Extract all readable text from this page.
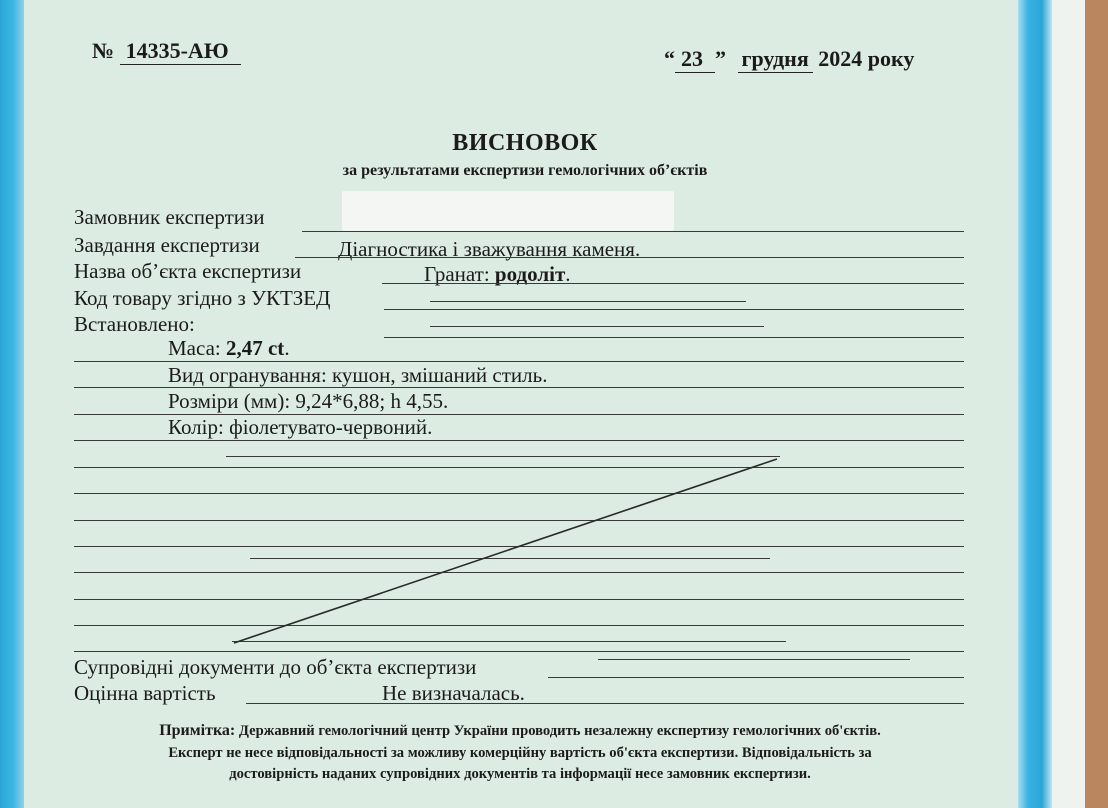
№ 14335-АЮ	“ 23 ” грудня 2024 року
ВИСНОВОК
за результатами експертизи гемологічних об’єктів
Замовник експертизи
Завдання експертизи	Діагностика і зважування каменя.
Назва об’єкта експертизи	Гранат: родоліт.
Код товару згідно з УКТЗЕД
Встановлено:
Маса: 2,47 ct.
Вид огранування: кушон, змішаний стиль.
Розміри (мм): 9,24*6,88; h 4,55.
Колір: фіолетувато-червоний.
Супровідні документи до об’єкта експертизи
Оцінна вартість	Не визначалась.
Примітка: Державний гемологічний центр України проводить незалежну експертизу гемологічних об'єктів.
Експерт не несе відповідальності за можливу комерційну вартість об'єкта експертизи. Відповідальність за
достовірність наданих супровідних документів та інформації несе замовник експертизи.
